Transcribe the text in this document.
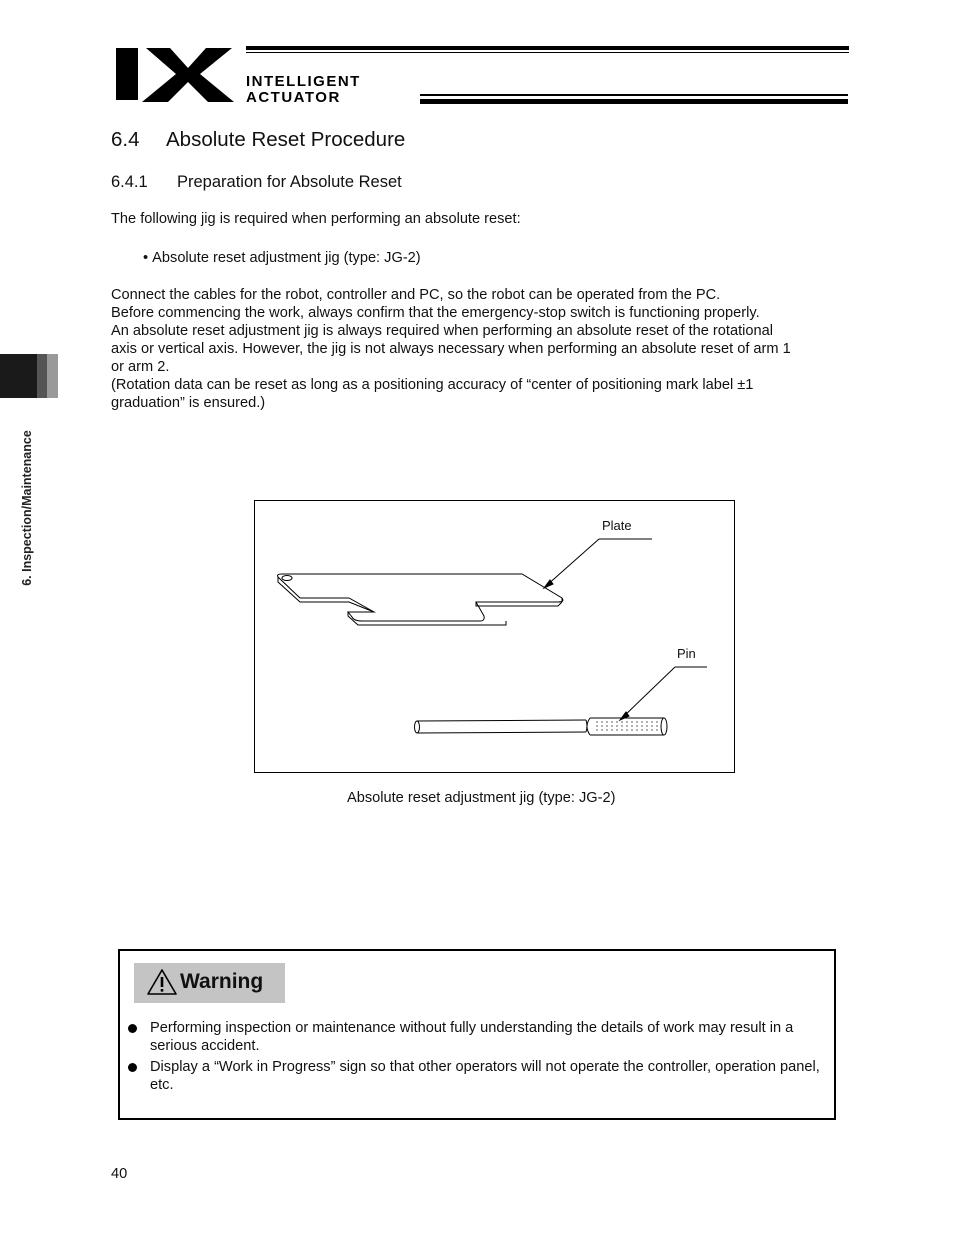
INTELLIGENT
ACTUATOR
6. Inspection/Maintenance
6.4 Absolute Reset Procedure
6.4.1 Preparation for Absolute Reset
The following jig is required when performing an absolute reset:
• Absolute reset adjustment jig (type: JG-2)
Connect the cables for the robot, controller and PC, so the robot can be operated from the PC.
Before commencing the work, always confirm that the emergency-stop switch is functioning properly.
An absolute reset adjustment jig is always required when performing an absolute reset of the rotational
axis or vertical axis. However, the jig is not always necessary when performing an absolute reset of arm 1
or arm 2.
(Rotation data can be reset as long as a positioning accuracy of “center of positioning mark label ±1
graduation” is ensured.)
Plate
Pin
Absolute reset adjustment jig (type: JG-2)
Warning
Performing inspection or maintenance without fully understanding the details of work may result in a serious accident.
Display a “Work in Progress” sign so that other operators will not operate the controller, operation panel, etc.
40
